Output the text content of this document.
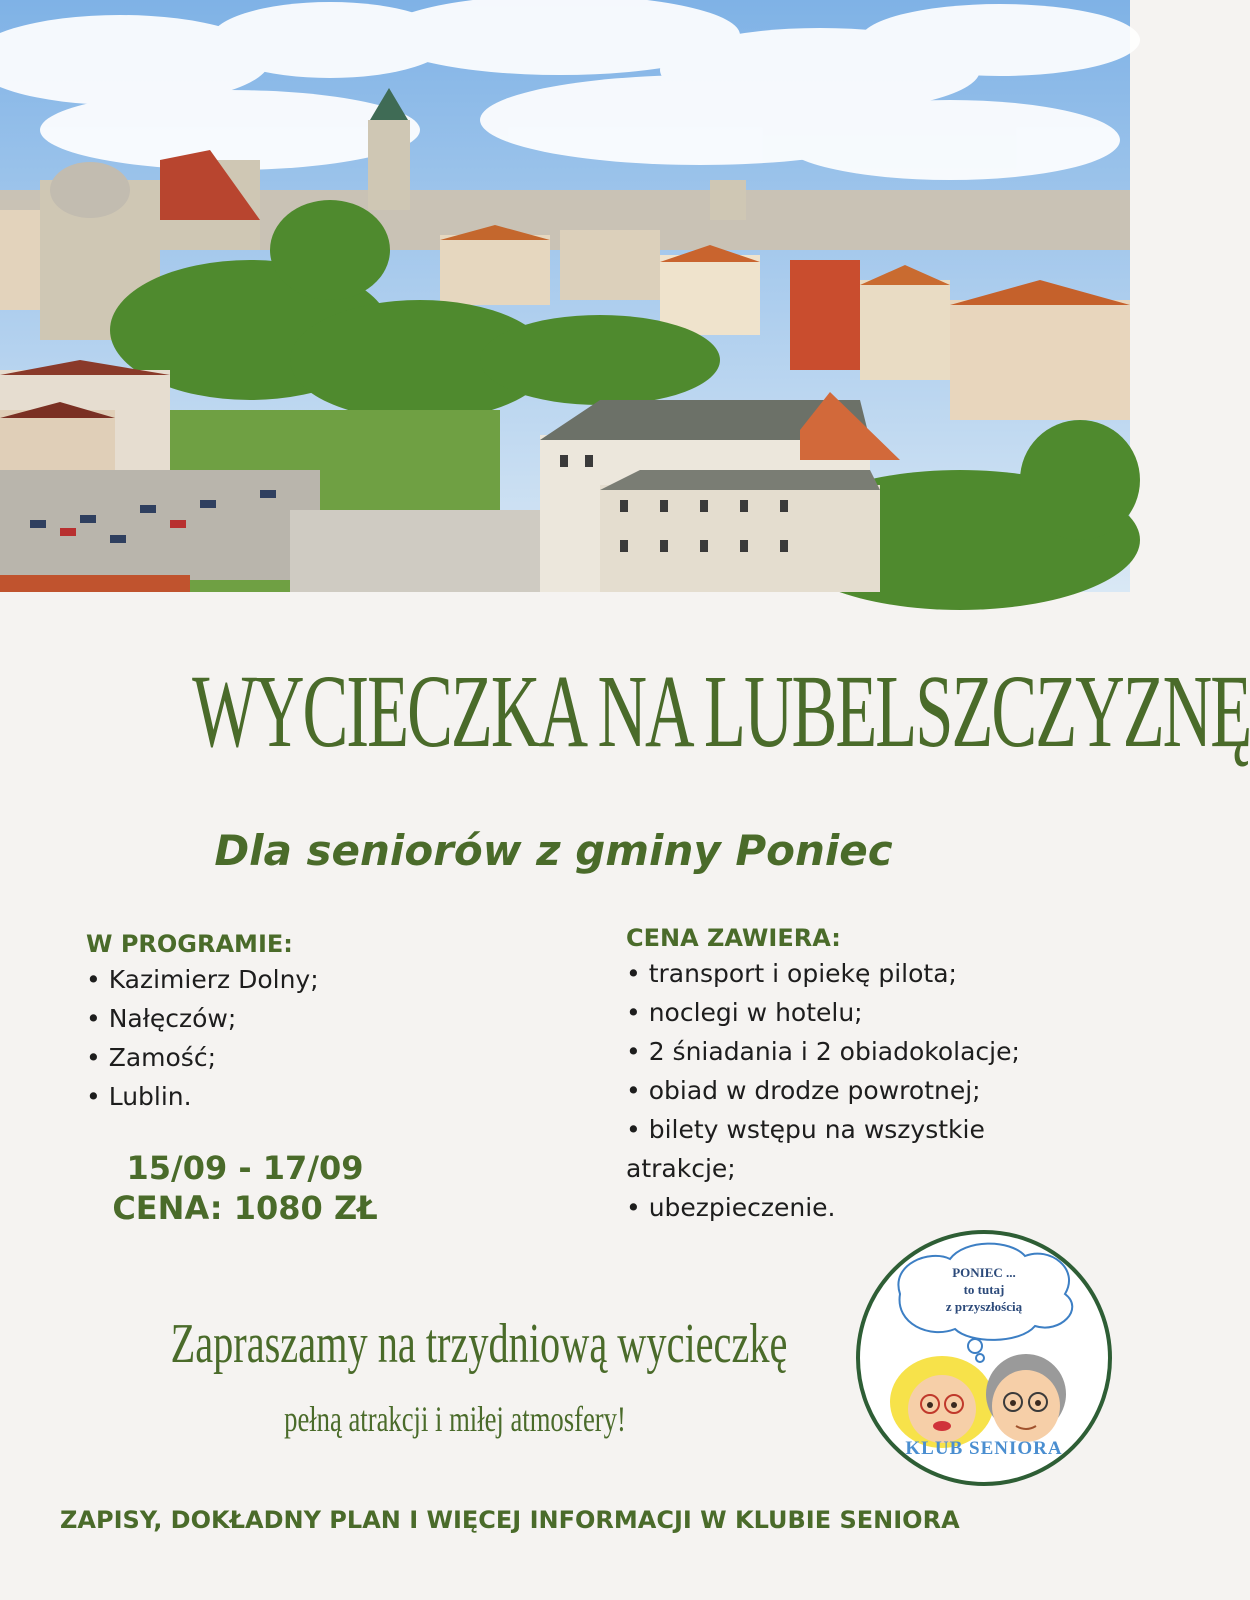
WYCIECZKA NA LUBELSZCZYZNĘ
Dla seniorów z gminy Poniec
W PROGRAMIE:
• Kazimierz Dolny;
• Nałęczów;
• Zamość;
• Lublin.
CENA ZAWIERA:
• transport i opiekę pilota;
• noclegi w hotelu;
• 2 śniadania i 2 obiadokolacje;
• obiad w drodze powrotnej;
• bilety wstępu na wszystkie atrakcje;
• ubezpieczenie.
15/09 - 17/09
CENA: 1080 ZŁ
Zapraszamy na trzydniową wycieczkę
pełną atrakcji i miłej atmosfery!
PONIEC ...
to tutaj
z przyszłością
KLUB SENIORA
ZAPISY, DOKŁADNY PLAN I WIĘCEJ INFORMACJI W KLUBIE SENIORA
